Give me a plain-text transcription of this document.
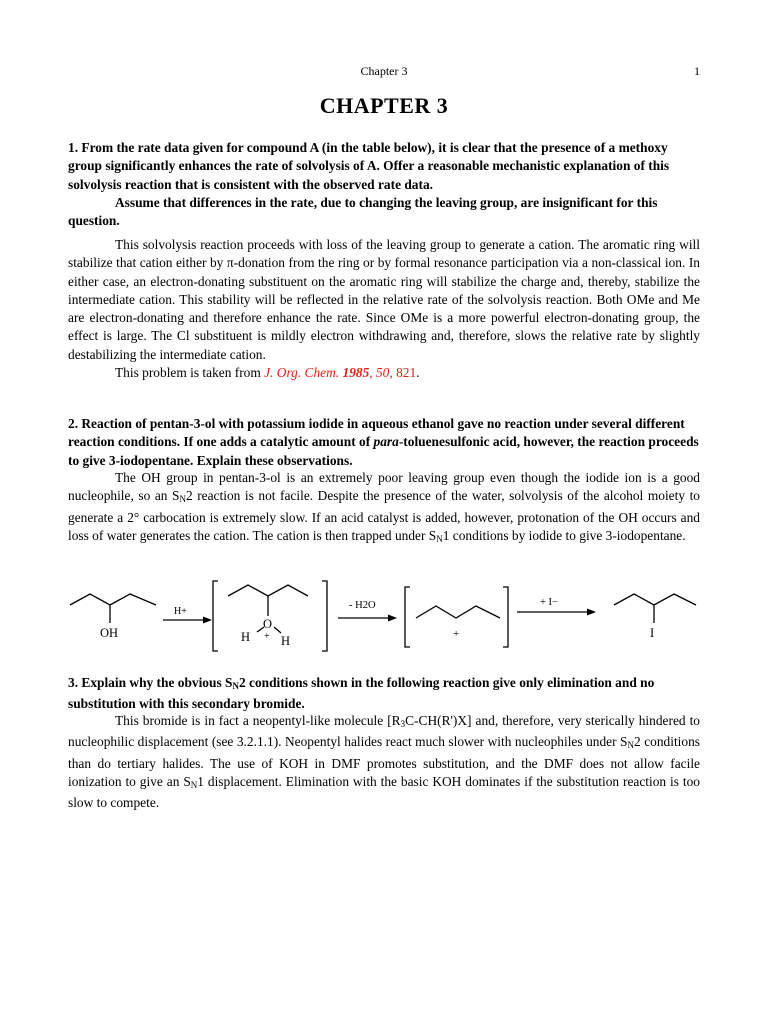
Chapter 3	1
CHAPTER 3

1. From the rate data given for compound A (in the table below), it is clear that the presence of a methoxy group significantly enhances the rate of solvolysis of A. Offer a reasonable mechanistic explanation of this solvolysis reaction that is consistent with the observed rate data.

Assume that differences in the rate, due to changing the leaving group, are insignificant for this question.

This solvolysis reaction proceeds with loss of the leaving group to generate a cation. The aromatic ring will stabilize that cation either by π-donation from the ring or by formal resonance participation via a non-classical ion. In either case, an electron-donating substituent on the aromatic ring will stabilize the charge and, thereby, stabilize the intermediate cation. This stability will be reflected in the relative rate of the solvolysis reaction. Both OMe and Me are electron-donating and therefore enhance the rate. Since OMe is a more powerful electron-donating group, the effect is large. The Cl substituent is mildly electron withdrawing and, therefore, slows the relative rate by slightly destabilizing the intermediate cation.

This problem is taken from J. Org. Chem. 1985, 50, 821.

2. Reaction of pentan-3-ol with potassium iodide in aqueous ethanol gave no reaction under several different reaction conditions. If one adds a catalytic amount of para-toluenesulfonic acid, however, the reaction proceeds to give 3-iodopentane. Explain these observations.

The OH group in pentan-3-ol is an extremely poor leaving group even though the iodide ion is a good nucleophile, so an $S_N2$ reaction is not facile. Despite the presence of the water, solvolysis of the alcohol moiety to generate a 2° carbocation is extremely slow. If an acid catalyst is added, however, protonation of the OH occurs and loss of water generates the cation. The cation is then trapped under $S_N1$ conditions by iodide to give 3-iodopentane.

OH
H+
H
O
+ H
- H2O
+
+ I−
I

3. Explain why the obvious $S_N2$ conditions shown in the following reaction give only elimination and no substitution with this secondary bromide.

This bromide is in fact a neopentyl-like molecule $[R_3C-CH(R')X]$ and, therefore, very sterically hindered to nucleophilic displacement (see 3.2.1.1). Neopentyl halides react much slower with nucleophiles under $S_N2$ conditions than do tertiary halides. The use of KOH in DMF promotes substitution, and the DMF does not allow facile ionization to give an $S_N1$ displacement. Elimination with the basic KOH dominates if the substitution reaction is too slow to compete.
